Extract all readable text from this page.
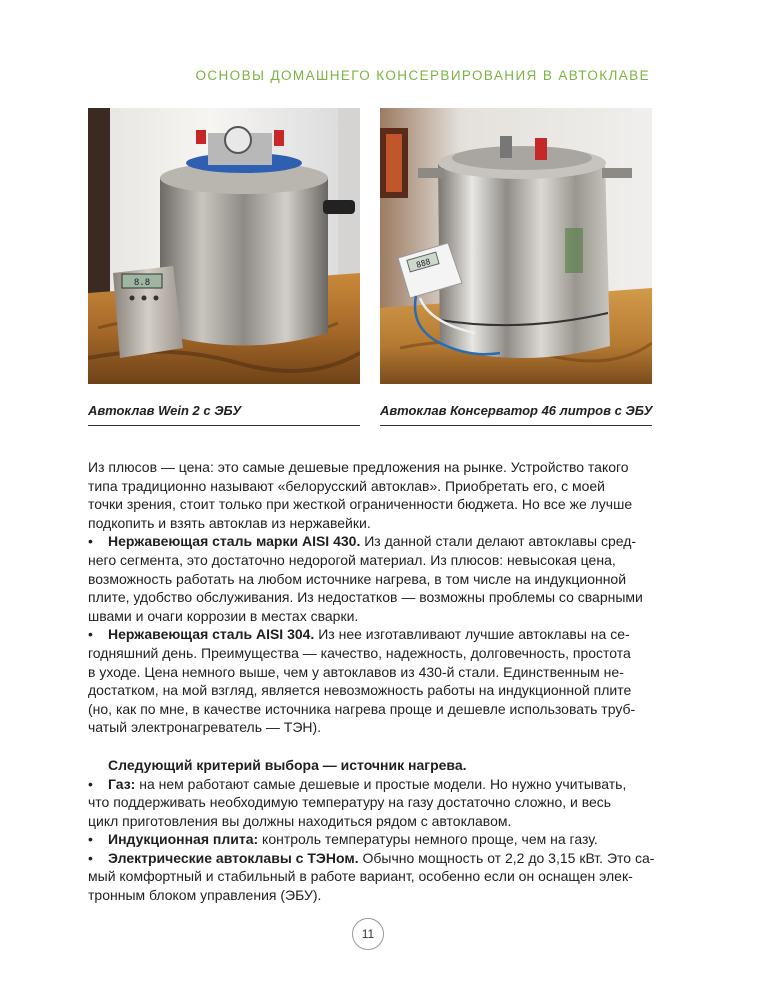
ОСНОВЫ ДОМАШНЕГО КОНСЕРВИРОВАНИЯ В АВТОКЛАВЕ
8.8
888
Автоклав Wein 2 с ЭБУ	Автоклав Консерватор 46 литров с ЭБУ

Из плюсов — цена: это самые дешевые предложения на рынке. Устройство такого

типа традиционно называют «белорусский автоклав». Приобретать его, с моей

точки зрения, стоит только при жесткой ограниченности бюджета. Но все же лучше

подкопить и взять автоклав из нержавейки.

• Нержавеющая сталь марки AISI 430. Из данной стали делают автоклавы сред-

него сегмента, это достаточно недорогой материал. Из плюсов: невысокая цена,

возможность работать на любом источнике нагрева, в том числе на индукционной

плите, удобство обслуживания. Из недостатков — возможны проблемы со сварными

швами и очаги коррозии в местах сварки.

• Нержавеющая сталь AISI 304. Из нее изготавливают лучшие автоклавы на се-

годняшний день. Преимущества — качество, надежность, долговечность, простота

в уходе. Цена немного выше, чем у автоклавов из 430-й стали. Единственным не-

достатком, на мой взгляд, является невозможность работы на индукционной плите

(но, как по мне, в качестве источника нагрева проще и дешевле использовать труб-

чатый электронагреватель — ТЭН).

Следующий критерий выбора — источник нагрева.

• Газ: на нем работают самые дешевые и простые модели. Но нужно учитывать,

что поддерживать необходимую температуру на газу достаточно сложно, и весь

цикл приготовления вы должны находиться рядом с автоклавом.

• Индукционная плита: контроль температуры немного проще, чем на газу.

• Электрические автоклавы с ТЭНом. Обычно мощность от 2,2 до 3,15 кВт. Это са-

мый комфортный и стабильный в работе вариант, особенно если он оснащен элек-

тронным блоком управления (ЭБУ).

11
